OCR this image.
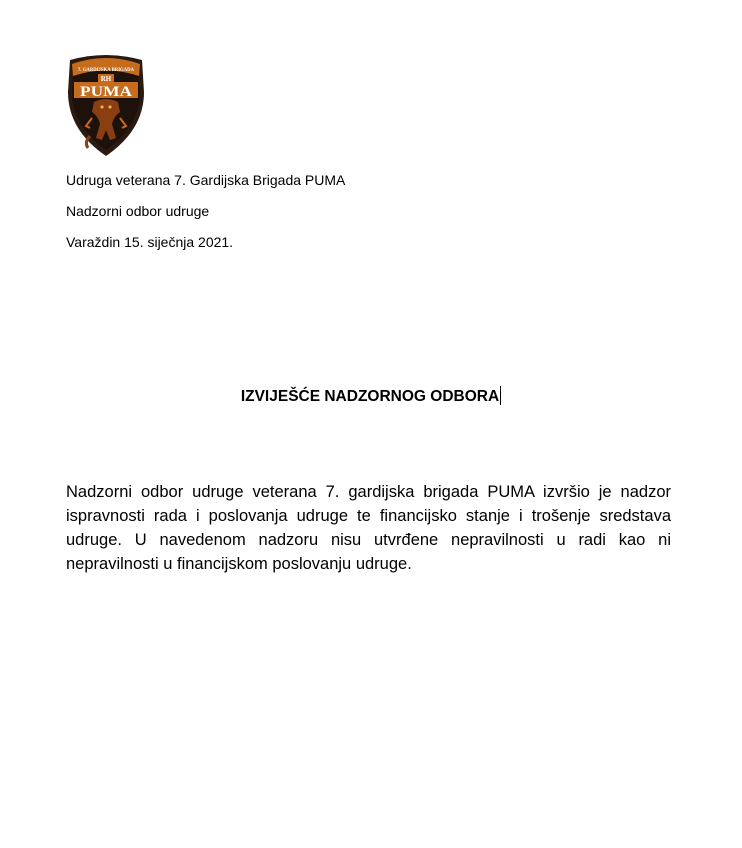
7. GARDIJSKA BRIGADA
RH
PUMA
Udruga veterana 7. Gardijska Brigada PUMA
Nadzorni odbor udruge
Varaždin 15. siječnja 2021.
IZVIJEŠĆE NADZORNOG ODBORA

Nadzorni odbor udruge veterana 7. gardijska brigada PUMA izvršio je nadzor ispravnosti rada i poslovanja udruge te financijsko stanje i trošenje sredstava udruge. U navedenom nadzoru nisu utvrđene nepravilnosti u radi kao ni nepravilnosti u financijskom poslovanju udruge.
